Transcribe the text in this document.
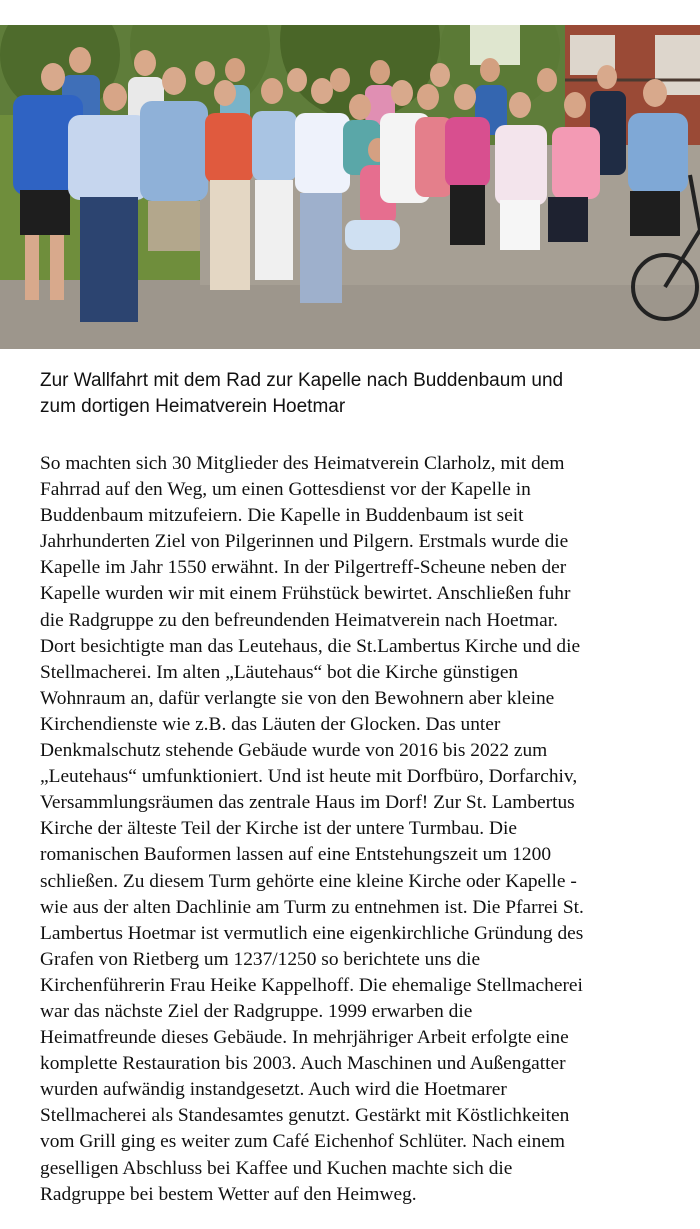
Zur Wallfahrt mit dem Rad zur Kapelle nach Buddenbaum und
zum dortigen Heimatverein Hoetmar
So machten sich 30 Mitglieder des Heimatverein Clarholz, mit dem
Fahrrad auf den Weg, um einen Gottesdienst vor der Kapelle in
Buddenbaum mitzufeiern. Die Kapelle in Buddenbaum ist seit
Jahrhunderten Ziel von Pilgerinnen und Pilgern. Erstmals wurde die
Kapelle im Jahr 1550 erwähnt. In der Pilgertreff-Scheune neben der
Kapelle wurden wir mit einem Frühstück bewirtet. Anschließen fuhr
die Radgruppe zu den befreundenden Heimatverein nach Hoetmar.
Dort besichtigte man das Leutehaus, die St.Lambertus Kirche und die
Stellmacherei. Im alten „Läutehaus“ bot die Kirche günstigen
Wohnraum an, dafür verlangte sie von den Bewohnern aber kleine
Kirchendienste wie z.B. das Läuten der Glocken. Das unter
Denkmalschutz stehende Gebäude wurde von 2016 bis 2022 zum
„Leutehaus“ umfunktioniert. Und ist heute mit Dorfbüro, Dorfarchiv,
Versammlungsräumen das zentrale Haus im Dorf! Zur St. Lambertus
Kirche der älteste Teil der Kirche ist der untere Turmbau. Die
romanischen Bauformen lassen auf eine Entstehungszeit um 1200
schließen. Zu diesem Turm gehörte eine kleine Kirche oder Kapelle -
wie aus der alten Dachlinie am Turm zu entnehmen ist. Die Pfarrei St.
Lambertus Hoetmar ist vermutlich eine eigenkirchliche Gründung des
Grafen von Rietberg um 1237/1250 so berichtete uns die
Kirchenführerin Frau Heike Kappelhoff. Die ehemalige Stellmacherei
war das nächste Ziel der Radgruppe. 1999 erwarben die
Heimatfreunde dieses Gebäude. In mehrjähriger Arbeit erfolgte eine
komplette Restauration bis 2003. Auch Maschinen und Außengatter
wurden aufwändig instandgesetzt. Auch wird die Hoetmarer
Stellmacherei als Standesamtes genutzt. Gestärkt mit Köstlichkeiten
vom Grill ging es weiter zum Café Eichenhof Schlüter. Nach einem
geselligen Abschluss bei Kaffee und Kuchen machte sich die
Radgruppe bei bestem Wetter auf den Heimweg.
